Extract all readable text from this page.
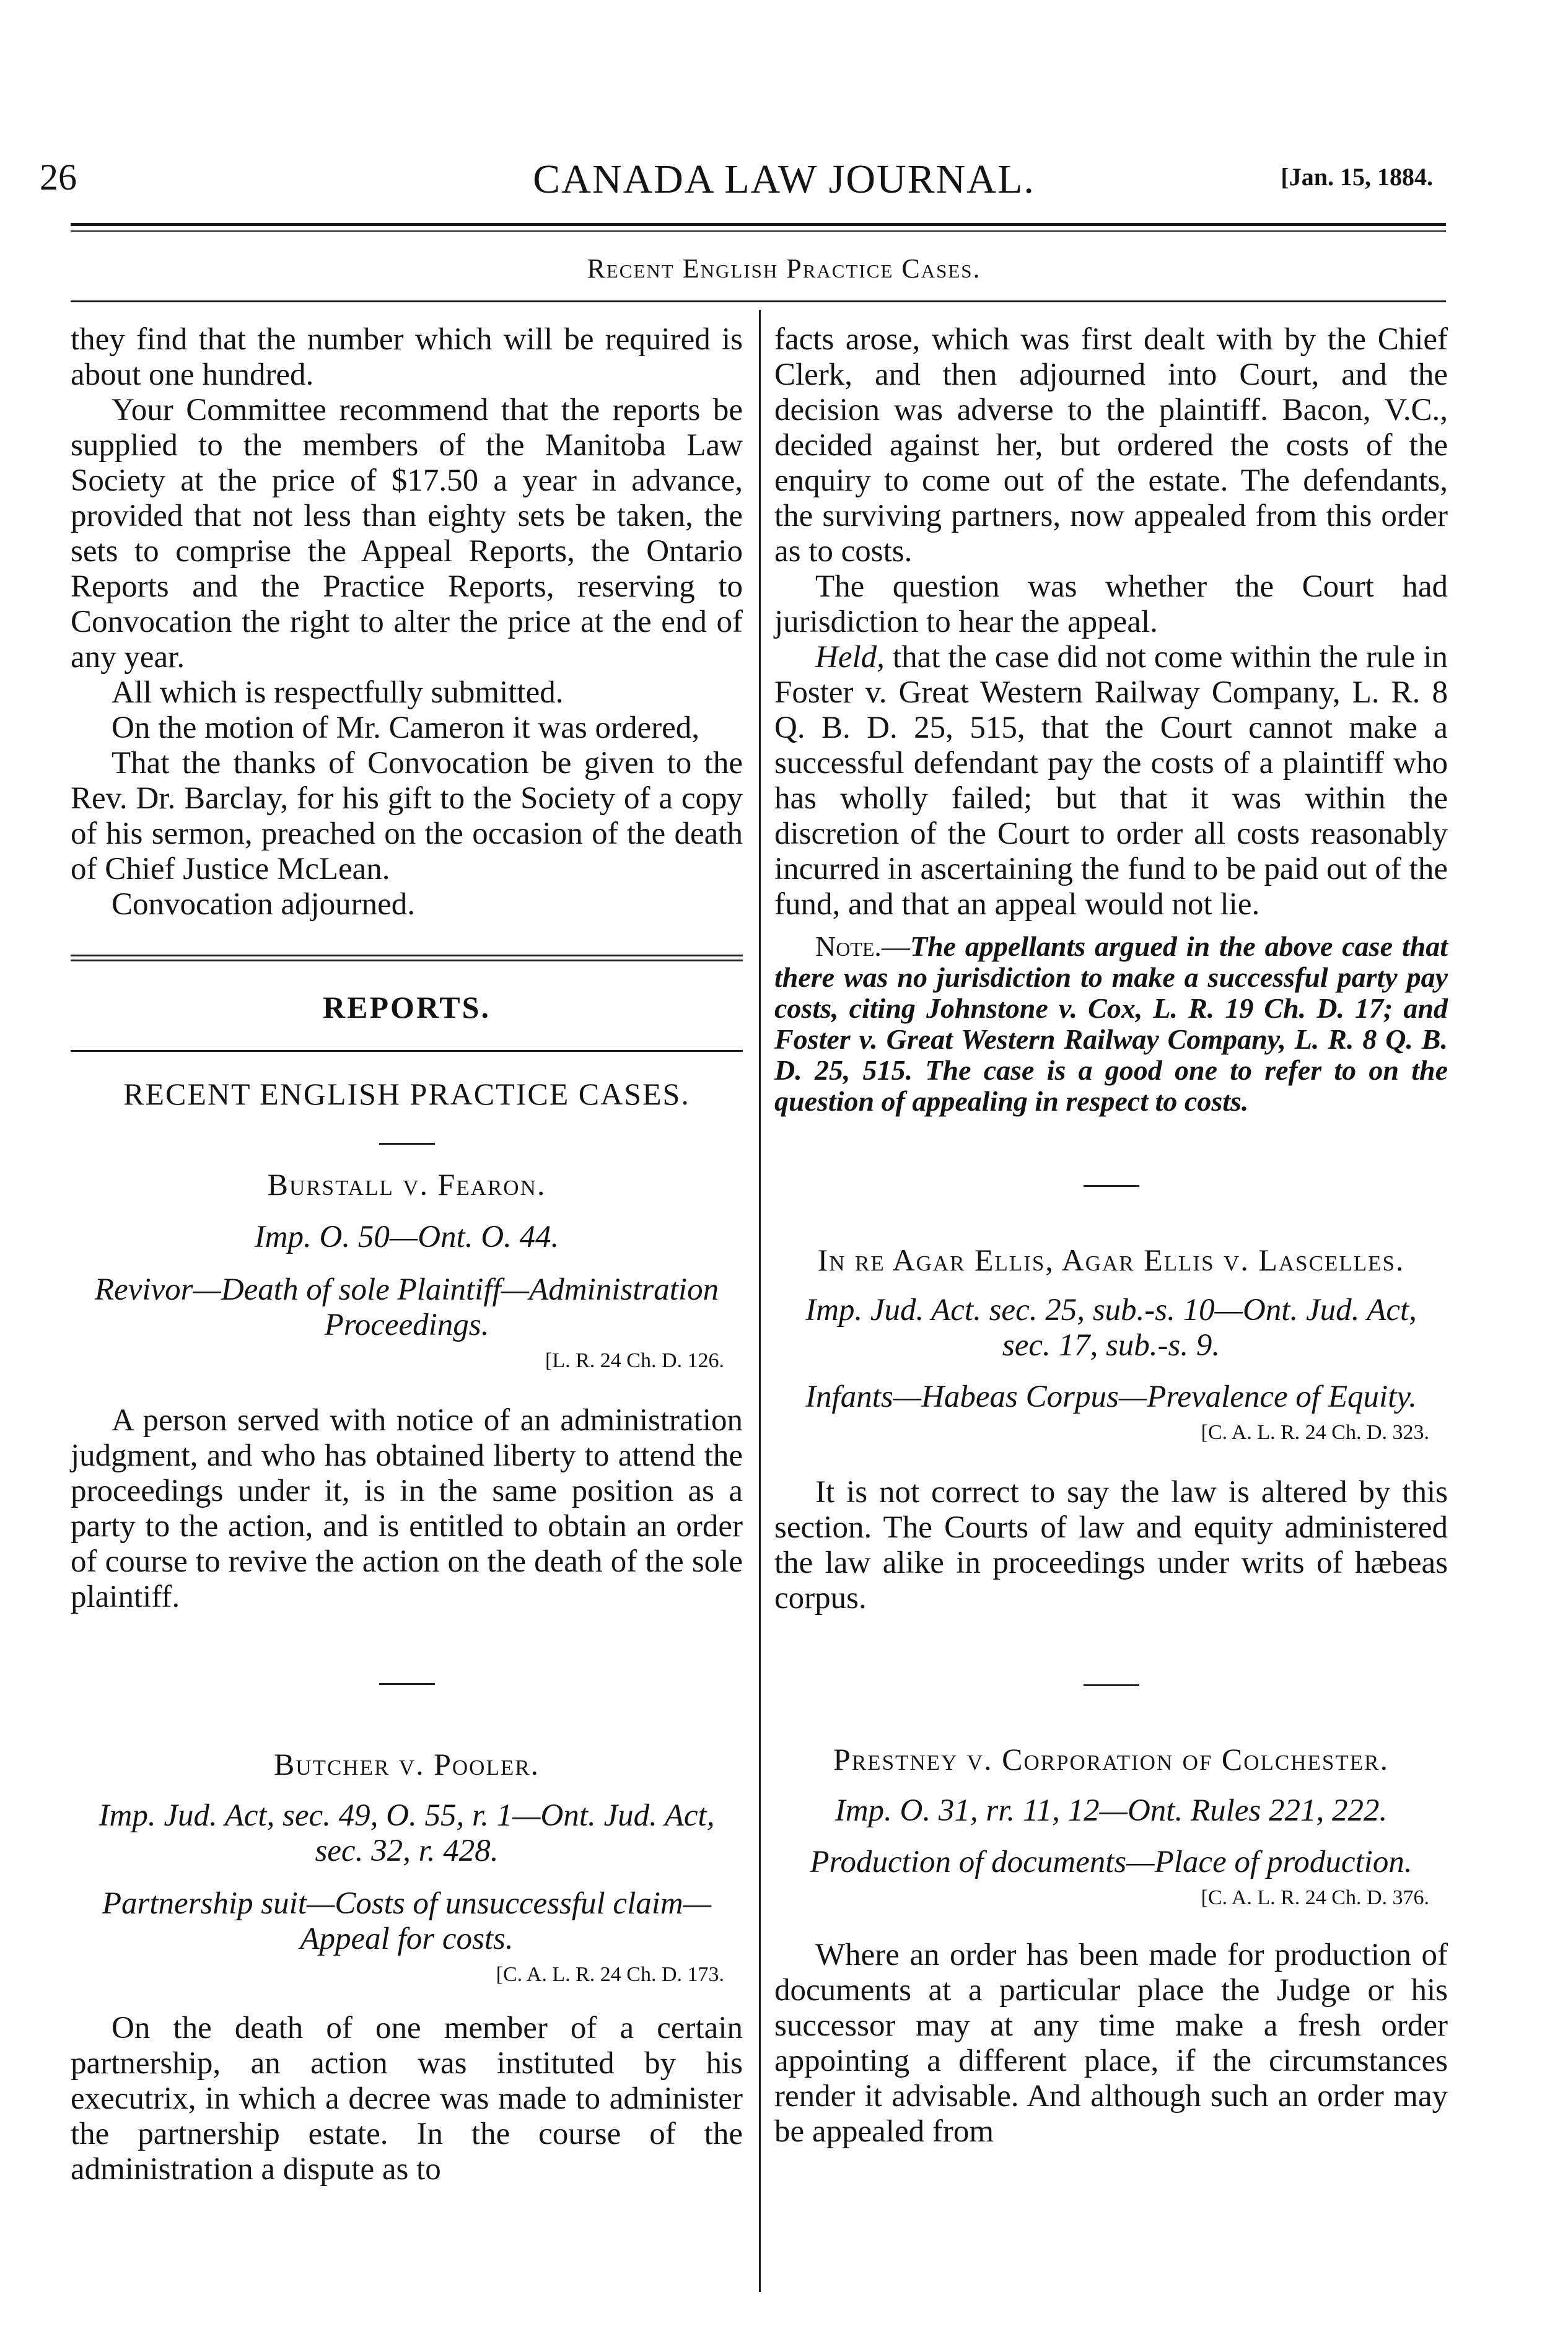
26	CANADA LAW JOURNAL.	[Jan. 15, 1884.
Recent English Practice Cases.

they find that the number which will be required is about one hundred.

Your Committee recommend that the reports be supplied to the members of the Manitoba Law Society at the price of $17.50 a year in advance, provided that not less than eighty sets be taken, the sets to comprise the Appeal Reports, the Ontario Reports and the Practice Reports, reserving to Convocation the right to alter the price at the end of any year.

All which is respectfully submitted.

On the motion of Mr. Cameron it was ordered,

That the thanks of Convocation be given to the Rev. Dr. Barclay, for his gift to the Society of a copy of his sermon, preached on the occasion of the death of Chief Justice McLean.

Convocation adjourned.

REPORTS.

RECENT ENGLISH PRACTICE CASES.

Burstall v. Fearon.

Imp. O. 50—Ont. O. 44.

Revivor—Death of sole Plaintiff—Administration Proceedings.

[L. R. 24 Ch. D. 126.

A person served with notice of an administration judgment, and who has obtained liberty to attend the proceedings under it, is in the same position as a party to the action, and is entitled to obtain an order of course to revive the action on the death of the sole plaintiff.

Butcher v. Pooler.

Imp. Jud. Act, sec. 49, O. 55, r. 1—Ont. Jud. Act, sec. 32, r. 428.

Partnership suit—Costs of unsuccessful claim—Appeal for costs.

[C. A. L. R. 24 Ch. D. 173.

On the death of one member of a certain partnership, an action was instituted by his executrix, in which a decree was made to administer the partnership estate. In the course of the administration a dispute as to

facts arose, which was first dealt with by the Chief Clerk, and then adjourned into Court, and the decision was adverse to the plaintiff. Bacon, V.C., decided against her, but ordered the costs of the enquiry to come out of the estate. The defendants, the surviving partners, now appealed from this order as to costs.

The question was whether the Court had jurisdiction to hear the appeal.

Held, that the case did not come within the rule in Foster v. Great Western Railway Company, L. R. 8 Q. B. D. 25, 515, that the Court cannot make a successful defendant pay the costs of a plaintiff who has wholly failed; but that it was within the discretion of the Court to order all costs reasonably incurred in ascertaining the fund to be paid out of the fund, and that an appeal would not lie.

Note.—The appellants argued in the above case that there was no jurisdiction to make a successful party pay costs, citing Johnstone v. Cox, L. R. 19 Ch. D. 17; and Foster v. Great Western Railway Company, L. R. 8 Q. B. D. 25, 515. The case is a good one to refer to on the question of appealing in respect to costs.

In re Agar Ellis, Agar Ellis v. Lascelles.

Imp. Jud. Act. sec. 25, sub.-s. 10—Ont. Jud. Act, sec. 17, sub.-s. 9.

Infants—Habeas Corpus—Prevalence of Equity.

[C. A. L. R. 24 Ch. D. 323.

It is not correct to say the law is altered by this section. The Courts of law and equity administered the law alike in proceedings under writs of hæbeas corpus.

Prestney v. Corporation of Colchester.

Imp. O. 31, rr. 11, 12—Ont. Rules 221, 222.

Production of documents—Place of production.

[C. A. L. R. 24 Ch. D. 376.

Where an order has been made for production of documents at a particular place the Judge or his successor may at any time make a fresh order appointing a different place, if the circumstances render it advisable. And although such an order may be appealed from
